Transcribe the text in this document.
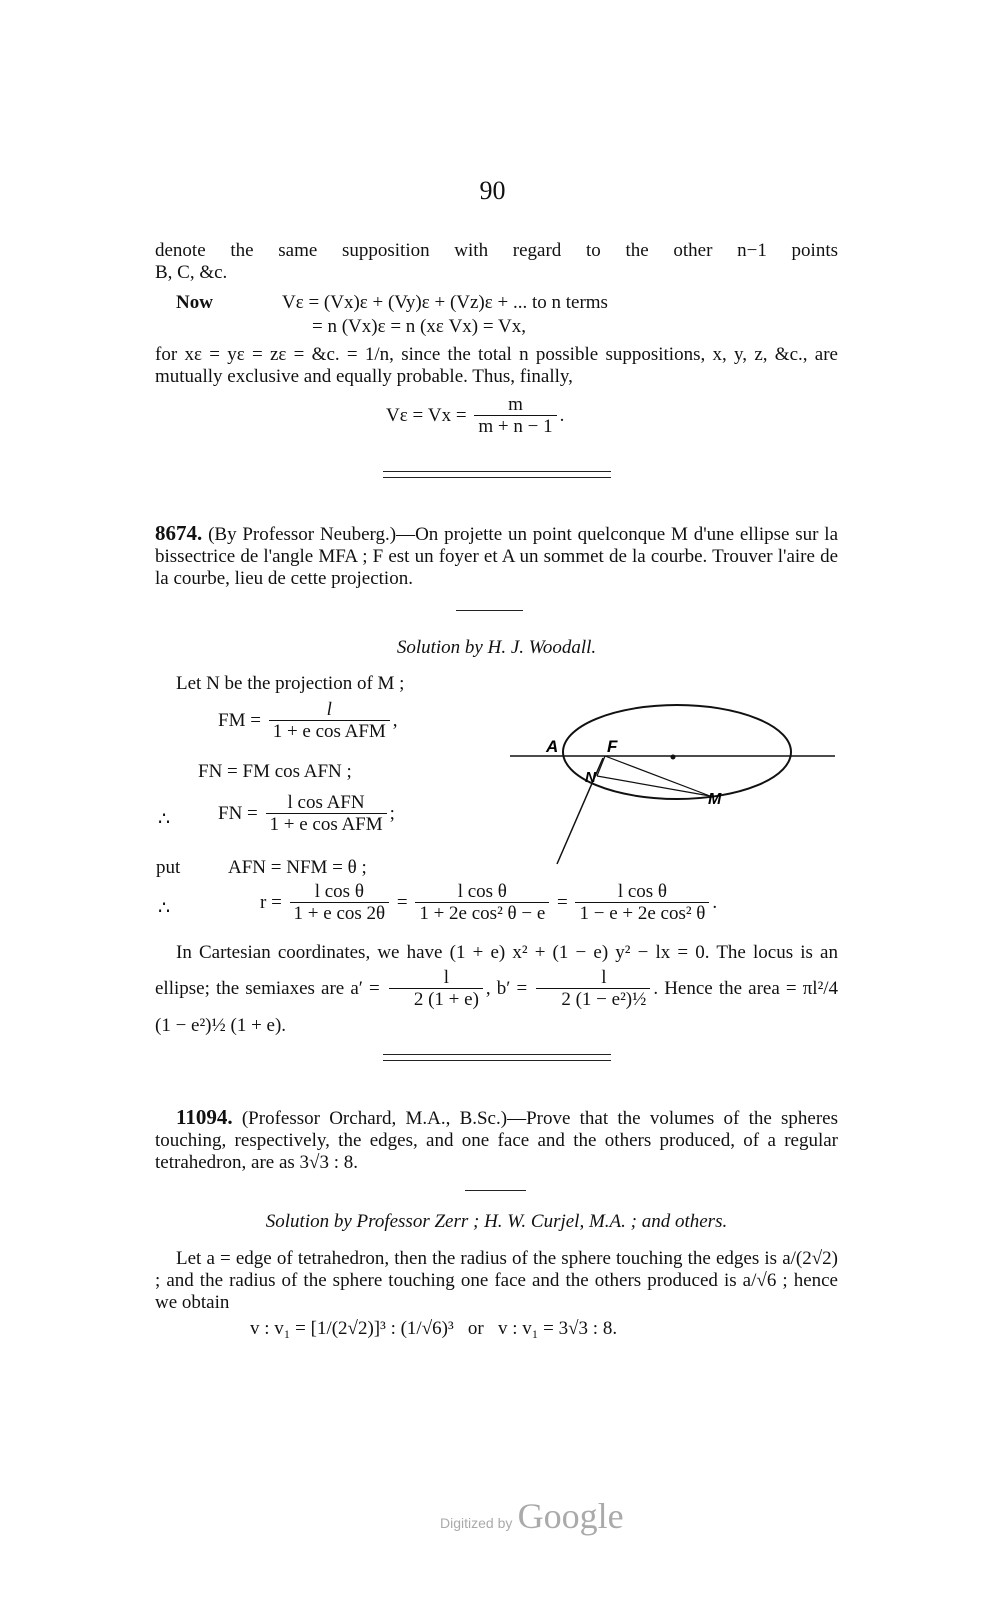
90
denote the same supposition with regard to the other n−1 points
B, C, &c.
Now	Vε = (Vx)ε + (Vy)ε + (Vz)ε + ... to n terms
= n (Vx)ε = n (xε Vx) = Vx,
for xε = yε = zε = &c. = 1/n, since the total n possible suppositions, x, y, z, &c., are mutually exclusive and equally probable. Thus, finally,
$V\varepsilon = Vx = \frac{m}{m + n - 1}$ .
8674. (By Professor Neuberg.)—On projette un point quelconque M d'une ellipse sur la bissectrice de l'angle MFA ; F est un foyer et A un sommet de la courbe. Trouver l'aire de la courbe, lieu de cette projection.
Solution by H. J. Woodall.
Let N be the projection of M ;
FM = $\frac{l}{\text{1 + e cos AFM}}$ ,
FN = FM cos AFN ;
∴	FN = $\frac{\text{l cos AFN}}{\text{1 + e cos AFM}}$ ;
put	AFN = NFM = θ ;
∴	$r = \frac{\text{l cos θ}}{\text{1 + e cos 2θ}} = \frac{\text{l cos θ}}{\text{1 + 2e cos² θ − e}} = \frac{\text{l cos θ}}{\text{1 − e + 2e cos² θ}}$ .
In Cartesian coordinates, we have (1 + e) x² + (1 − e) y² − lx = 0. The locus is an ellipse; the semiaxes are $a' = \frac{l}{2 (1 + e)}$ , $b' = \frac{l}{\text{2 (1 − e²)½}}$ . Hence the area = πl²/4 (1 − e²)½ (1 + e).
A	F
N
M
11094. (Professor Orchard, M.A., B.Sc.)—Prove that the volumes of the spheres touching, respectively, the edges, and one face and the others produced, of a regular tetrahedron, are as 3√3 : 8.
Solution by Professor Zerr ; H. W. Curjel, M.A. ; and others.
Let a = edge of tetrahedron, then the radius of the sphere touching the edges is a/(2√2) ; and the radius of the sphere touching one face and the others produced is a/√6 ; hence we obtain
v : v₁ = [1/(2√2)]³ : (1/√6)³   or   v : v₁ = 3√3 : 8.
Digitized by Google
